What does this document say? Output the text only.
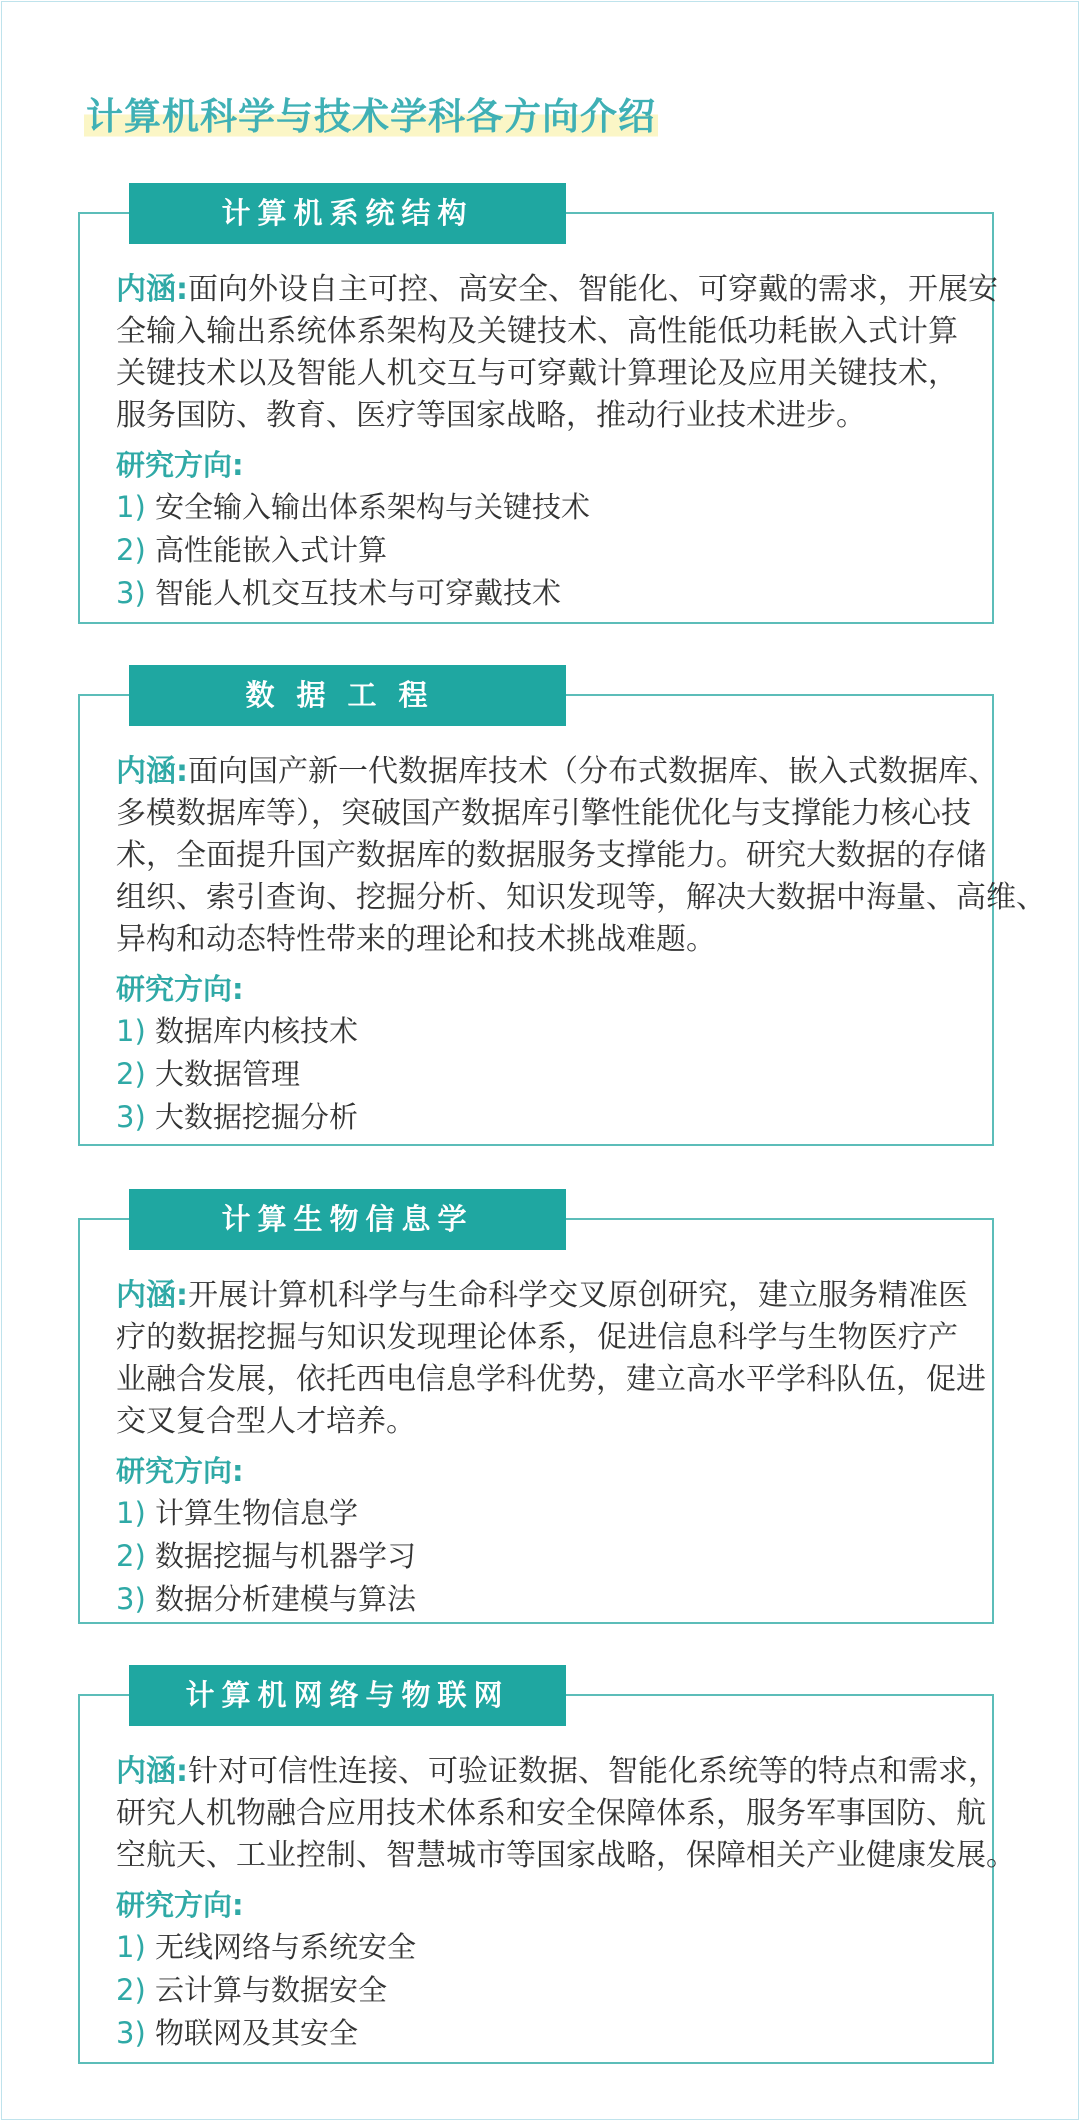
计算机科学与技术学科各方向介绍
计算机系统结构
内涵:面向外设自主可控、高安全、智能化、可穿戴的需求，开展安
全输入输出系统体系架构及关键技术、高性能低功耗嵌入式计算
关键技术以及智能人机交互与可穿戴计算理论及应用关键技术，
服务国防、教育、医疗等国家战略，推动行业技术进步。
研究方向:
1) 安全输入输出体系架构与关键技术
2) 高性能嵌入式计算
3) 智能人机交互技术与可穿戴技术
数据工程
内涵:面向国产新一代数据库技术（分布式数据库、嵌入式数据库、
多模数据库等），突破国产数据库引擎性能优化与支撑能力核心技
术，全面提升国产数据库的数据服务支撑能力。研究大数据的存储
组织、索引查询、挖掘分析、知识发现等，解决大数据中海量、高维、
异构和动态特性带来的理论和技术挑战难题。
研究方向:
1) 数据库内核技术
2) 大数据管理
3) 大数据挖掘分析
计算生物信息学
内涵:开展计算机科学与生命科学交叉原创研究，建立服务精准医
疗的数据挖掘与知识发现理论体系，促进信息科学与生物医疗产
业融合发展，依托西电信息学科优势，建立高水平学科队伍，促进
交叉复合型人才培养。
研究方向:
1) 计算生物信息学
2) 数据挖掘与机器学习
3) 数据分析建模与算法
计算机网络与物联网
内涵:针对可信性连接、可验证数据、智能化系统等的特点和需求，
研究人机物融合应用技术体系和安全保障体系，服务军事国防、航
空航天、工业控制、智慧城市等国家战略，保障相关产业健康发展。
研究方向:
1) 无线网络与系统安全
2) 云计算与数据安全
3) 物联网及其安全
